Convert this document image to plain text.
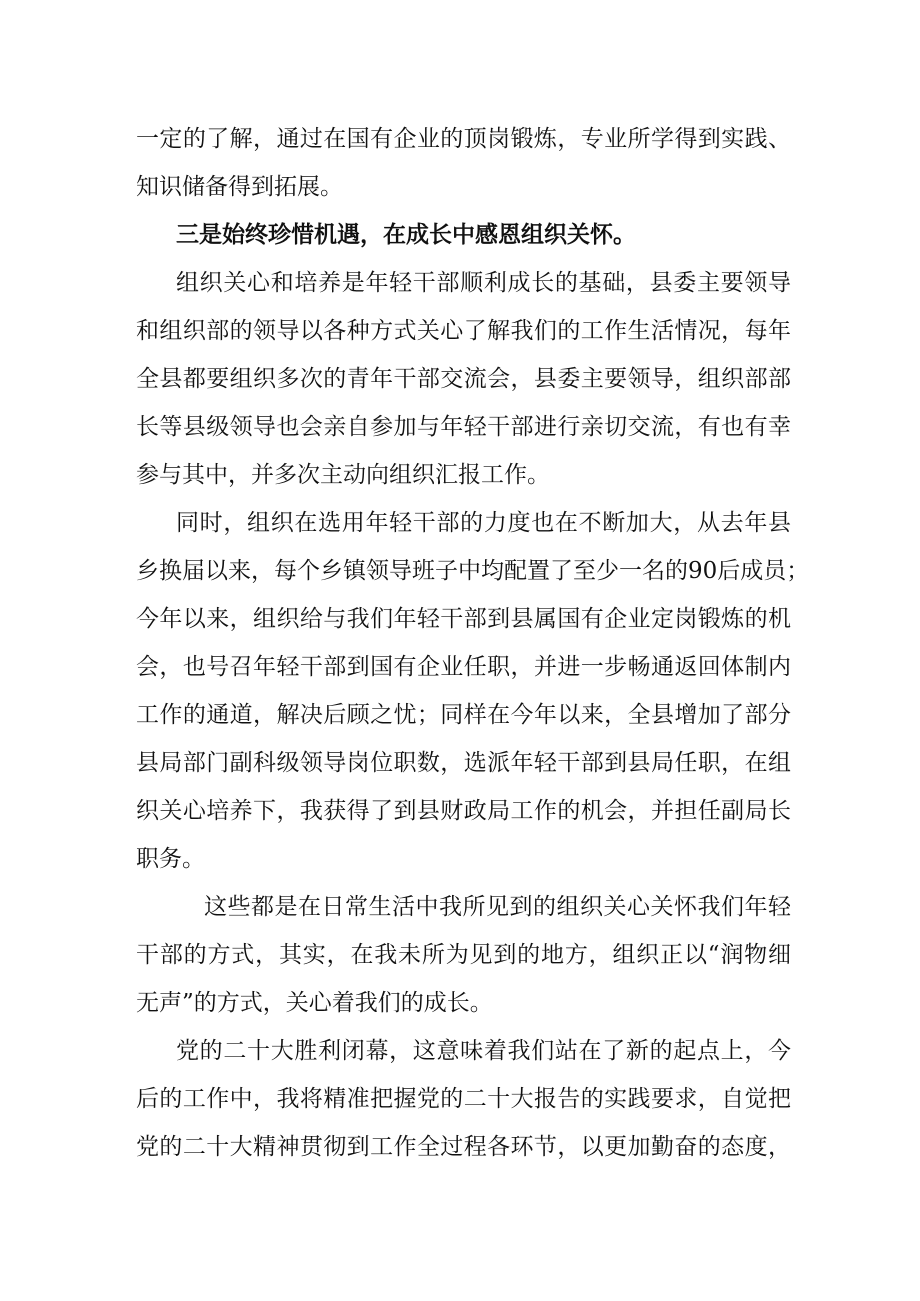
一定的了解，通过在国有企业的顶岗锻炼，专业所学得到实践、
知识储备得到拓展。
三是始终珍惜机遇，在成长中感恩组织关怀。
组织关心和培养是年轻干部顺利成长的基础，县委主要领导
和组织部的领导以各种方式关心了解我们的工作生活情况，每年
全县都要组织多次的青年干部交流会，县委主要领导，组织部部
长等县级领导也会亲自参加与年轻干部进行亲切交流，有也有幸
参与其中，并多次主动向组织汇报工作。
同时，组织在选用年轻干部的力度也在不断加大，从去年县
乡换届以来，每个乡镇领导班子中均配置了至少一名的90后成员；
今年以来，组织给与我们年轻干部到县属国有企业定岗锻炼的机
会，也号召年轻干部到国有企业任职，并进一步畅通返回体制内
工作的通道，解决后顾之忧；同样在今年以来，全县增加了部分
县局部门副科级领导岗位职数，选派年轻干部到县局任职，在组
织关心培养下，我获得了到县财政局工作的机会，并担任副局长
职务。
这些都是在日常生活中我所见到的组织关心关怀我们年轻
干部的方式，其实，在我未所为见到的地方，组织正以“润物细
无声”的方式，关心着我们的成长。
党的二十大胜利闭幕，这意味着我们站在了新的起点上，今
后的工作中，我将精准把握党的二十大报告的实践要求，自觉把
党的二十大精神贯彻到工作全过程各环节，以更加勤奋的态度，
